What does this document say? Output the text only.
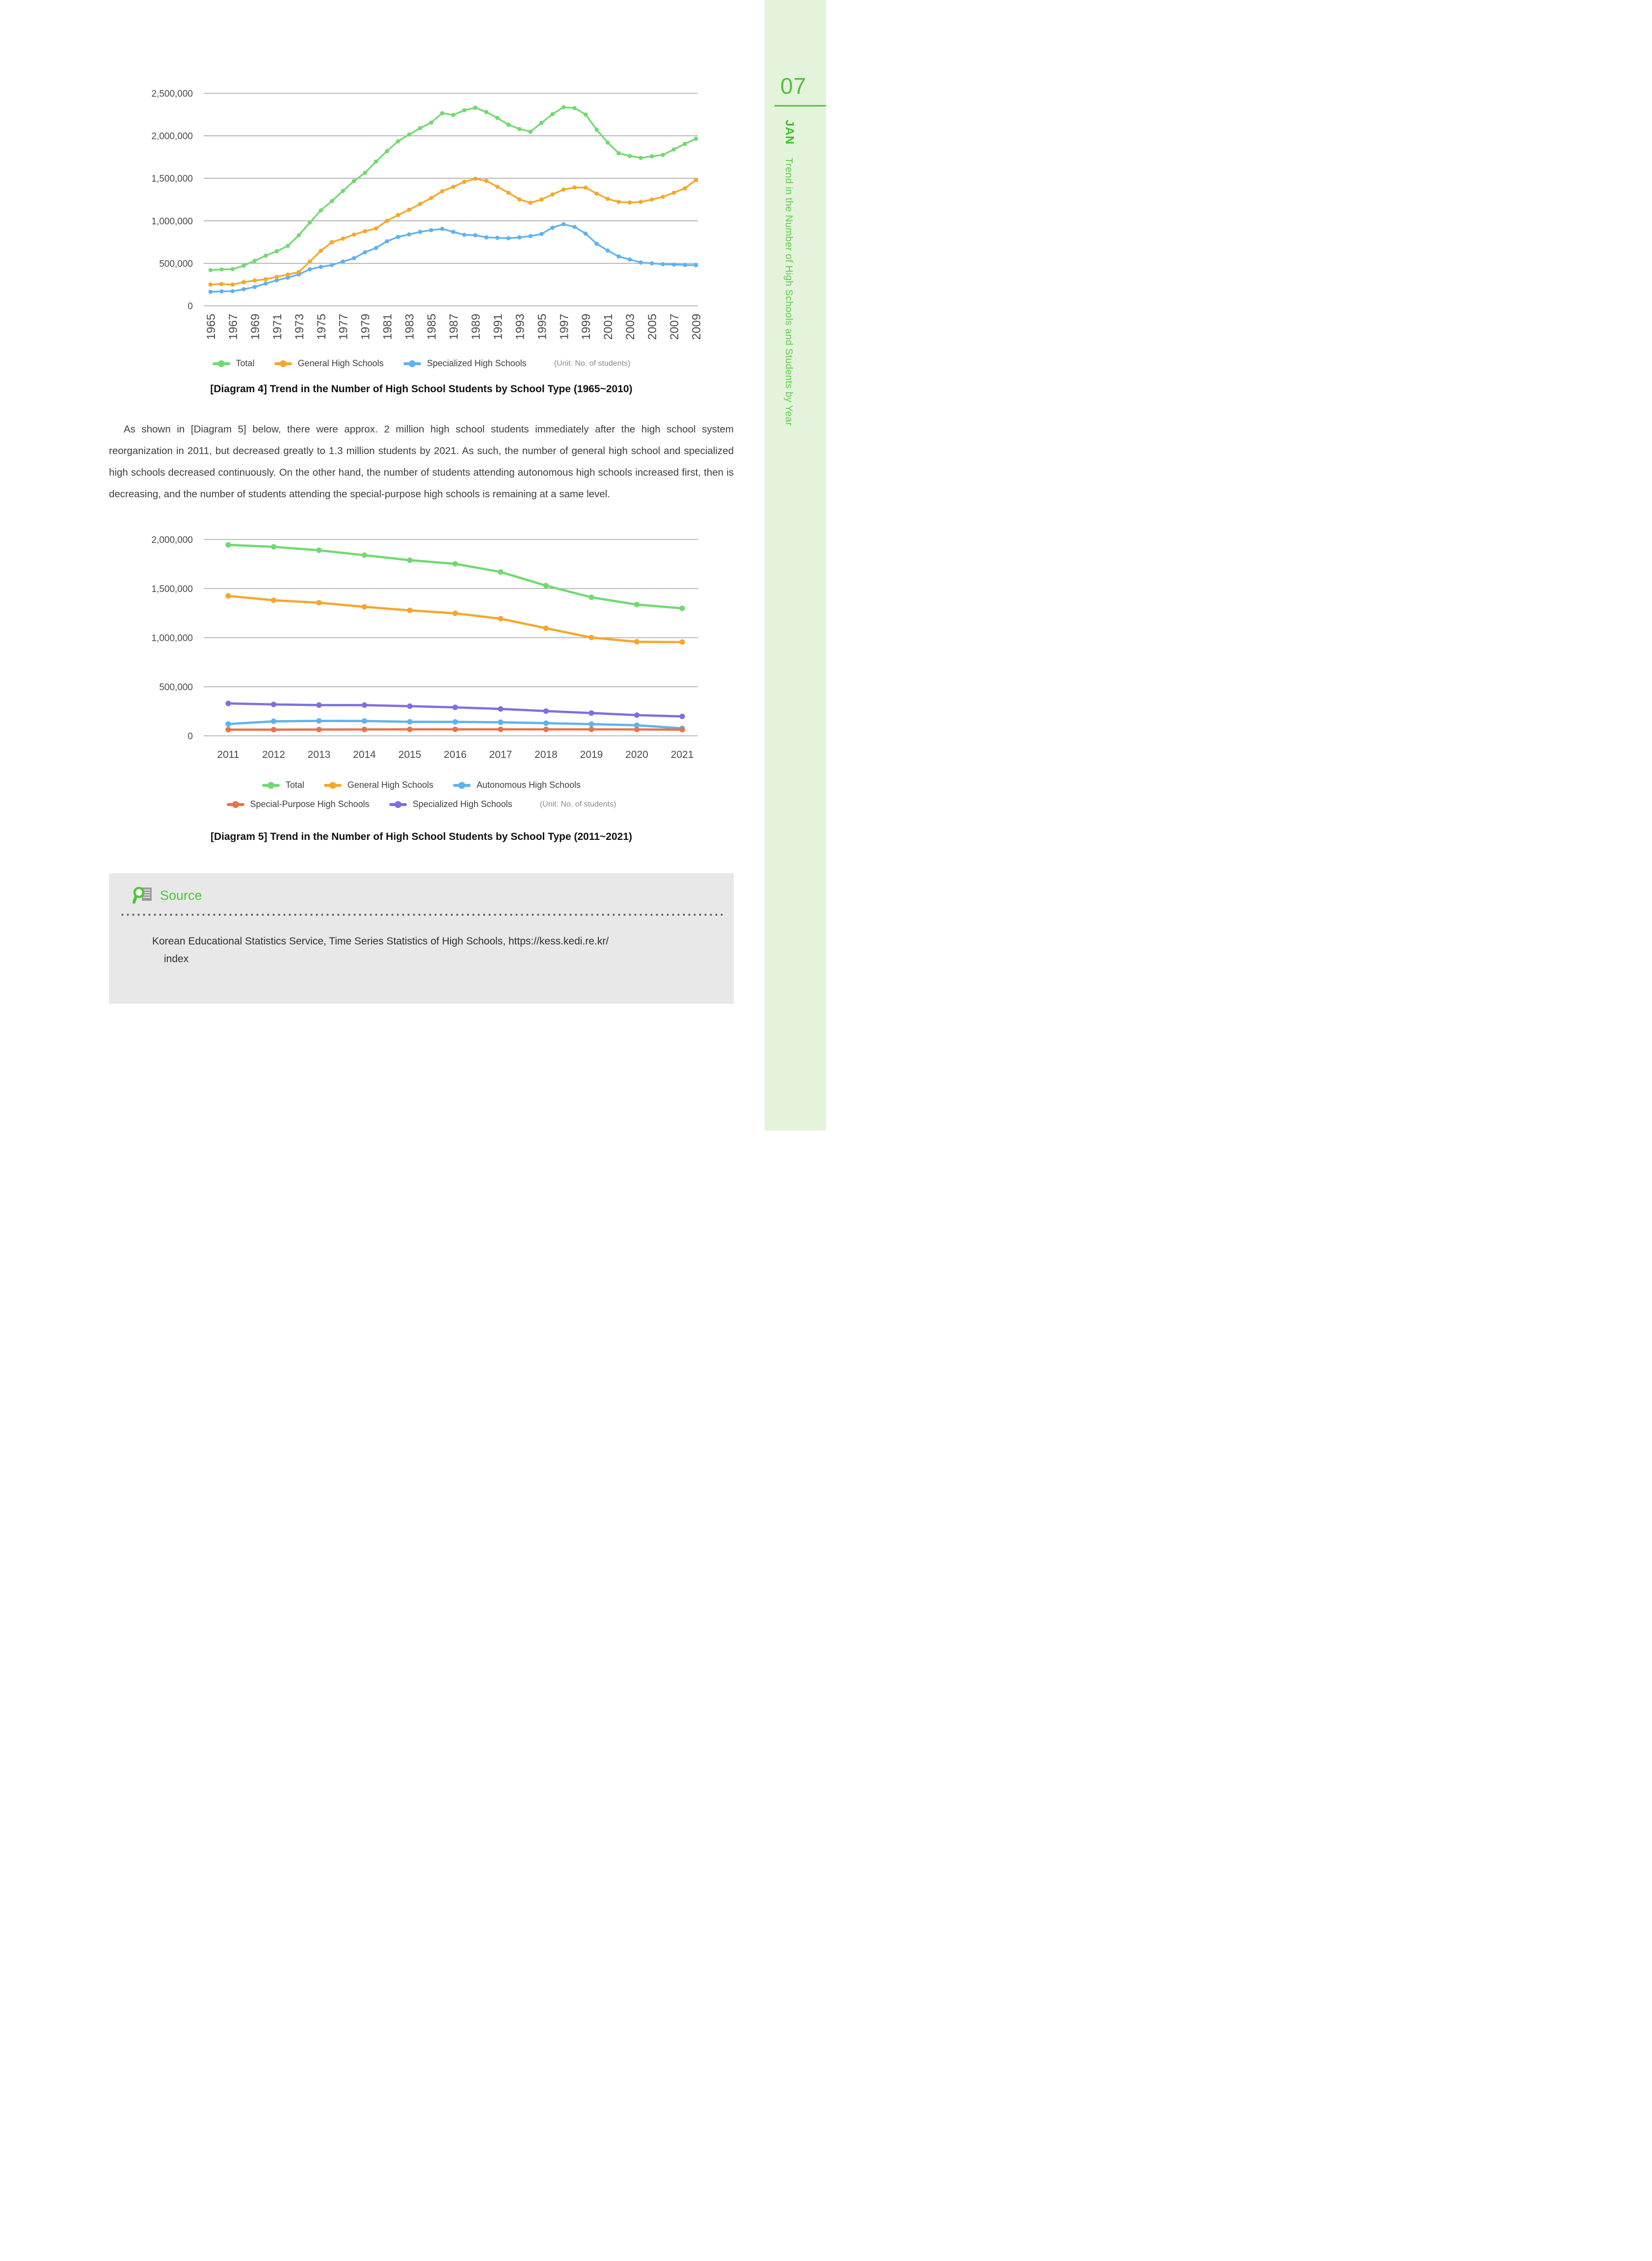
0
500,000
1,000,000
1,500,000
2,000,000
2,500,000
1965 1967 1969 1971 1973 1975 1977 1979 1981 1983 1985 1987 1989 1991 1993 1995 1997 1999 2001 2003 2005 2007 2009
Total	General High Schools	Specialized High Schools	(Unit: No. of students)
[Diagram 4] Trend in the Number of High School Students by School Type (1965~2010)

As shown in [Diagram 5] below, there were approx. 2 million high school students immediately after the high school system reorganization in 2011, but decreased greatly to 1.3 million students by 2021. As such, the number of general high school and specialized high schools decreased continuously. On the other hand, the number of students attending autonomous high schools increased first, then is decreasing, and the number of students attending the special-purpose high schools is remaining at a same level.

0
500,000
1,000,000
1,500,000
2,000,000
2011 2012 2013 2014 2015 2016 2017 2018 2019 2020 2021
Total	General High Schools	Autonomous High Schools
Special-Purpose High Schools	Specialized High Schools	(Unit: No. of students)
[Diagram 5] Trend in the Number of High School Students by School Type (2011~2021)
Source
Korean Educational Statistics Service, Time Series Statistics of High Schools, https://kess.kedi.re.kr/
index
07
JANTrend in the Number of High Schools and Students by Year
